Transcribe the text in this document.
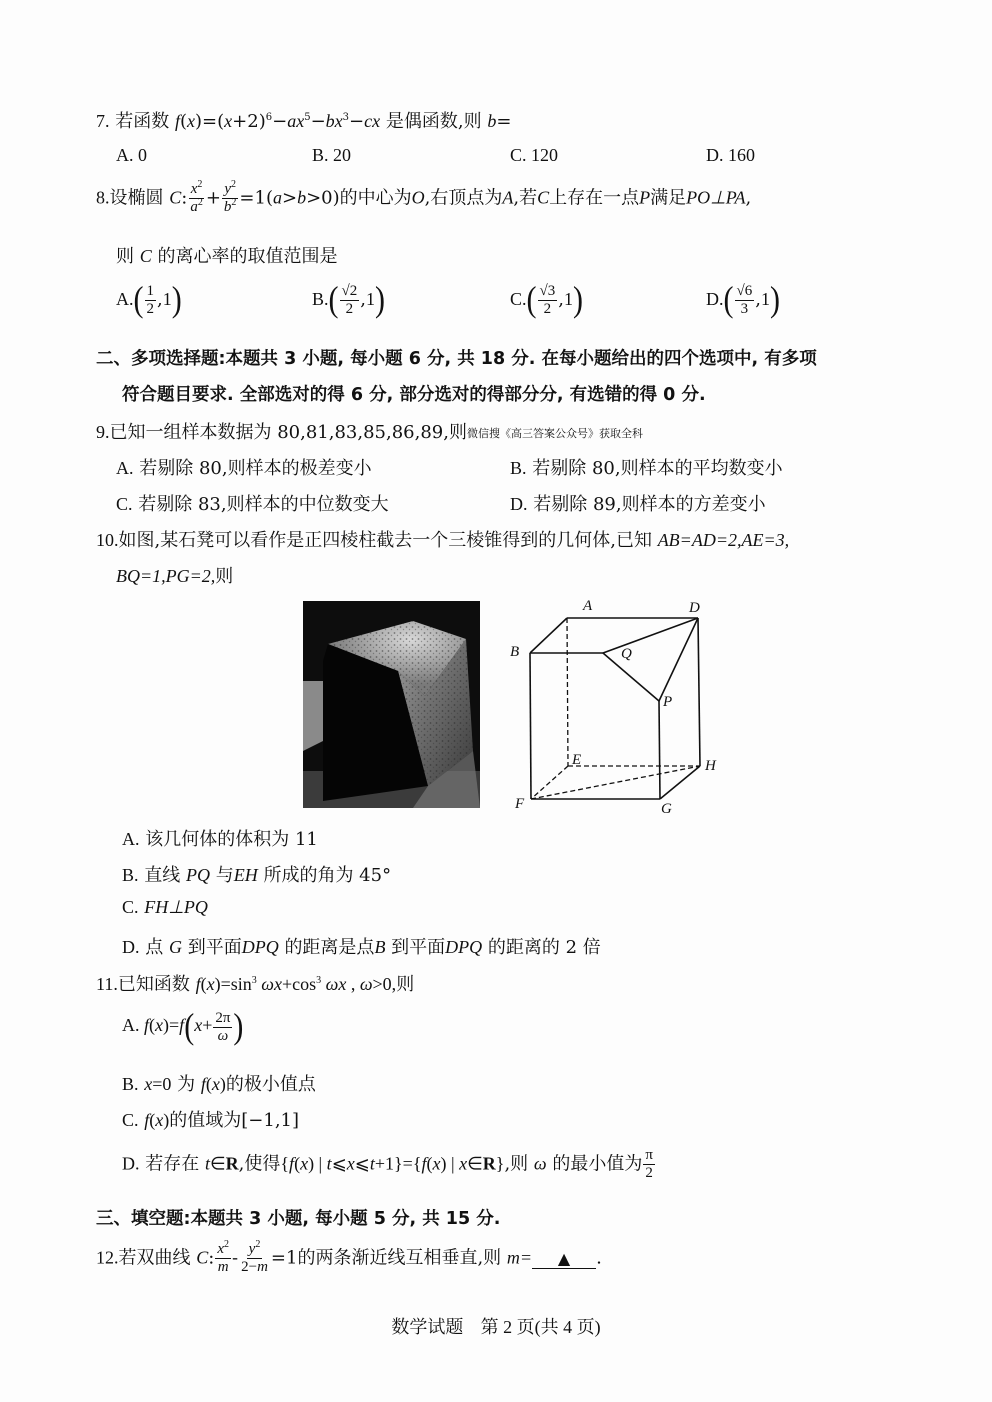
7. 若函数 $f(x)=(x+2)^6-ax^5-bx^3-cx$ 是偶函数,则 b=
A. 0	B. 20	C. 120	D. 160
8.设椭圆 C: $\frac{x^2}{a^2} + \frac{y^2}{b^2} =1(a>b>0)$的中心为O,右顶点为A,若C上存在一点P满足PO⊥PA,
则 C 的离心率的取值范围是
$A.( \frac{1}{2} ,1)$	$B.( \frac{√2}{2} ,1)$	$C.( \frac{√3}{2} ,1)$	$D.( \frac{√6}{3} ,1)$
二、多项选择题:本题共 3 小题, 每小题 6 分, 共 18 分. 在每小题给出的四个选项中, 有多项
符合题目要求. 全部选对的得 6 分, 部分选对的得部分分, 有选错的得 0 分.
9.已知一组样本数据为 80,81,83,85,86,89,则微信搜《高三答案公众号》获取全科
A. 若剔除 80,则样本的极差变小	B. 若剔除 80,则样本的平均数变小
C. 若剔除 83,则样本的中位数变大	D. 若剔除 89,则样本的方差变小
10.如图,某石凳可以看作是正四棱柱截去一个三棱锥得到的几何体,已知 AB=AD=2,AE=3,
BQ=1,PG=2,则
A
B
D
Q
P
E	H
F	G
A. 该几何体的体积为 11
B. 直线 PQ 与EH 所成的角为 45°
C. FH⊥PQ
D. 点 G 到平面DPQ 的距离是点B 到平面DPQ 的距离的 2 倍
11.已知函数 $f(x)=\sin^3$ $\omega x+\cos^3$ ωx , ω>0,则
A. $f(x)=f(x+ \frac{2\pi}{\omega}$ )
B. x=0 为 f(x)的极小值点
C. f(x)的值域为[−1,1]
D. 若存在 t∈R,使得{f(x) | t⩽x⩽t+1}={f(x) | x∈R},则 ω 的最小值为 $\frac{\pi}{2}$
三、填空题:本题共 3 小题, 每小题 5 分, 共 15 分.
12.若双曲线 C: $\frac{x^2}{m} - \frac{y^2}{2-m} =1$的两条渐近线互相垂直,则 m= ▲ .
数学试题 第 2 页(共 4 页)
